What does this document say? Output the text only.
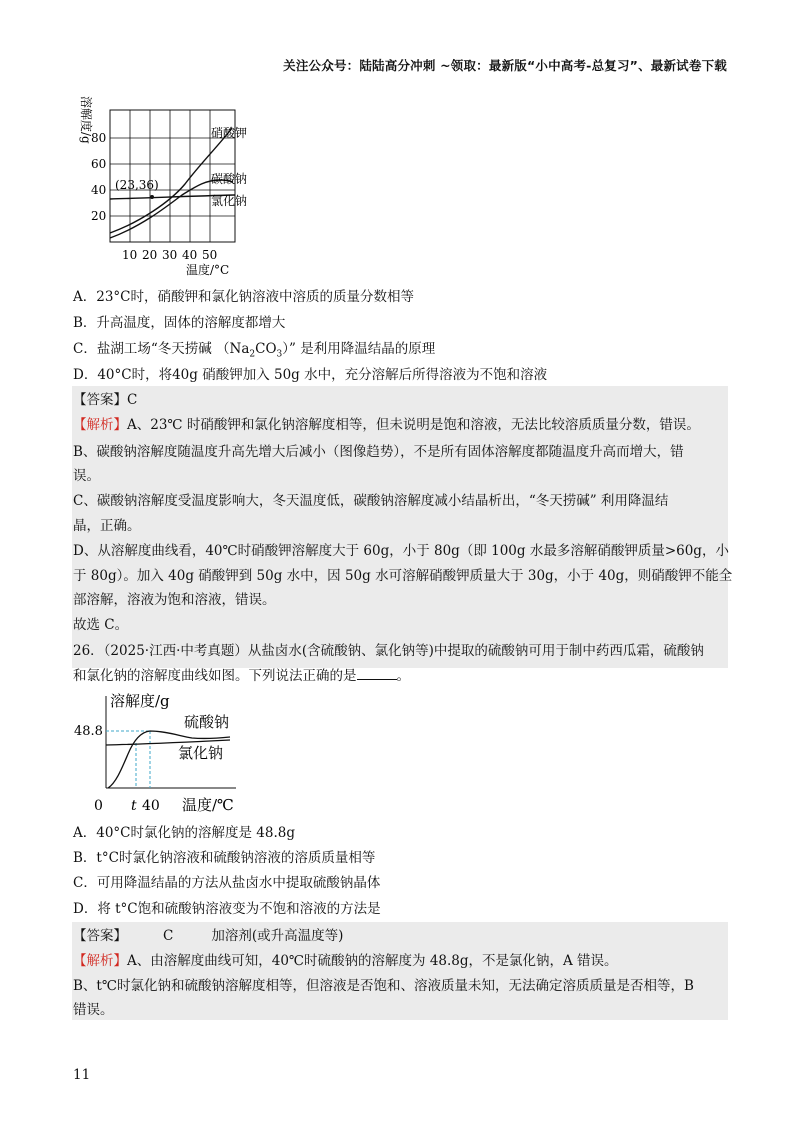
关注公众号：陆陆高分冲刺 ~领取：最新版“小中高考-总复习”、最新试卷下载
溶解度/g
20
40
60
80
10 20 30 40 50
温度/°C
(23,36)
硝酸钾
碳酸钠
氯化钠
A．23°C时，硝酸钾和氯化钠溶液中溶质的质量分数相等
B．升高温度，固体的溶解度都增大
C．盐湖工场“冬天捞碱 $(Na_2CO_3)$” 是利用降温结晶的原理
D．40°C时，将40g 硝酸钾加入 50g 水中，充分溶解后所得溶液为不饱和溶液
【答案】C
【解析】A、23℃ 时硝酸钾和氯化钠溶解度相等，但未说明是饱和溶液，无法比较溶质质量分数，错误。
B、碳酸钠溶解度随温度升高先增大后减小（图像趋势），不是所有固体溶解度都随温度升高而增大，错
误。
C、碳酸钠溶解度受温度影响大，冬天温度低，碳酸钠溶解度减小结晶析出，“冬天捞碱” 利用降温结
晶，正确。
D、从溶解度曲线看，40℃时硝酸钾溶解度大于 60g，小于 80g（即 100g 水最多溶解硝酸钾质量>60g，小
于 80g）。加入 40g 硝酸钾到 50g 水中，因 50g 水可溶解硝酸钾质量大于 30g，小于 40g，则硝酸钾不能全
部溶解，溶液为饱和溶液，错误。
故选 C。
26．（2025·江西·中考真题）从盐卤水(含硫酸钠、氯化钠等)中提取的硫酸钠可用于制中药西瓜霜，硫酸钠
和氯化钠的溶解度曲线如图。下列说法正确的是	。
溶解度/g
48.8
硫酸钠
氯化钠
0 t 40 温度/℃
A．40°C时氯化钠的溶解度是 48.8g
B．t°C时氯化钠溶液和硫酸钠溶液的溶质质量相等
C．可用降温结晶的方法从盐卤水中提取硫酸钠晶体
D．将 t°C饱和硫酸钠溶液变为不饱和溶液的方法是
【答案】	C	加溶剂(或升高温度等)
【解析】A、由溶解度曲线可知，40℃时硫酸钠的溶解度为 48.8g，不是氯化钠，A 错误。
B、t℃时氯化钠和硫酸钠溶解度相等，但溶液是否饱和、溶液质量未知，无法确定溶质质量是否相等，B
错误。
11
